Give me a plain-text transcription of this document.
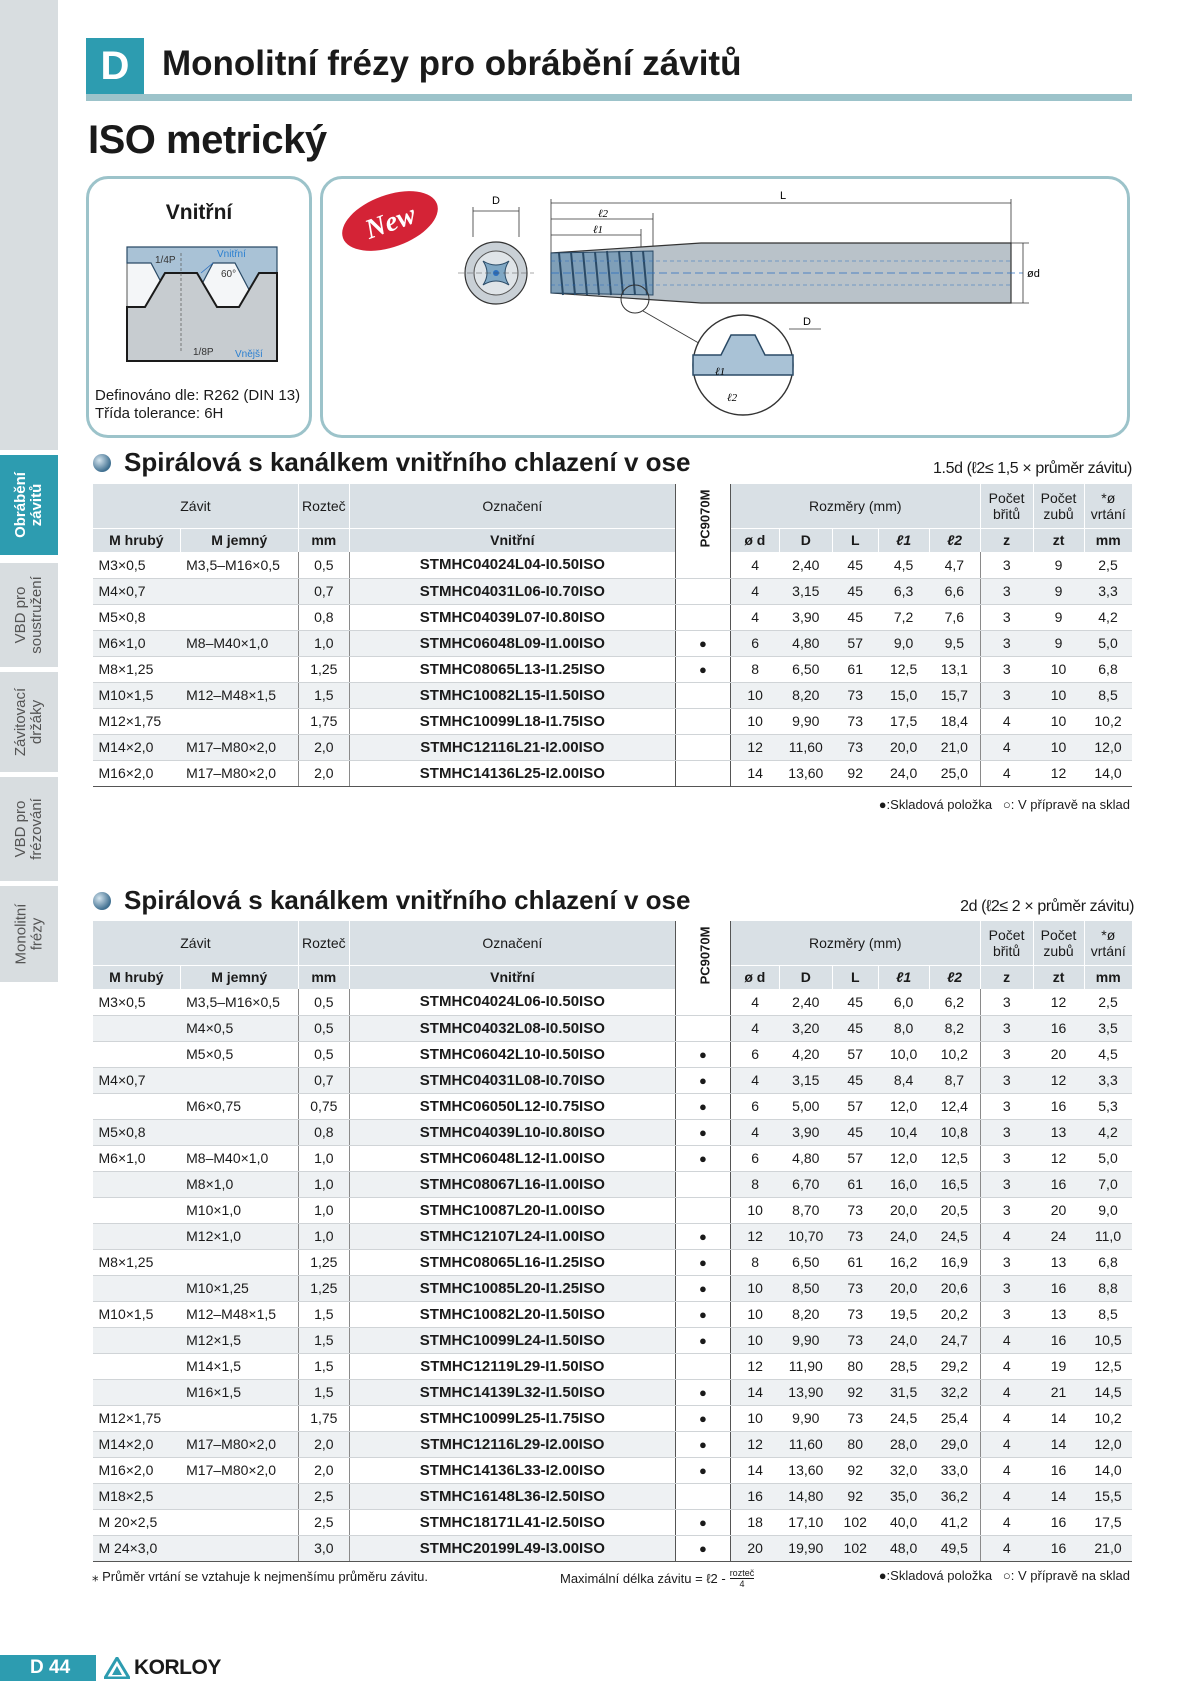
Obrábění závitů
VBD pro soustružení
Závitovací držáky
VBD pro frézování
Monolitní frézy
D Monolitní frézy pro obrábění závitů
ISO metrický
Vnitřní
1/4P
Vnitřní
60°
1/8P Vnější
Definováno dle: R262 (DIN 13)
Třída tolerance: 6H
New	D	L
ℓ2
ℓ1
ød
D
ℓ1
ℓ2
Spirálová s kanálkem vnitřního chlazení v ose	1.5d (ℓ2≤ 1,5 × průměr závitu)
Závit		Rozteč	Označení	PC9070M	Rozměry (mm)					Počet břitů	Počet zubů	*ø vrtání
M hrubý	M jemný	mm	Vnitřní		ø d	D	L	ℓ1	ℓ2	z	zt	mm
M3×0,5	M3,5–M16×0,5	0,5	STMHC04024L04-I0.50ISO		4	2,40	45	4,5	4,7	3	9	2,5
M4×0,7		0,7	STMHC04031L06-I0.70ISO		4	3,15	45	6,3	6,6	3	9	3,3
M5×0,8		0,8	STMHC04039L07-I0.80ISO		4	3,90	45	7,2	7,6	3	9	4,2
M6×1,0	M8–M40×1,0	1,0	STMHC06048L09-I1.00ISO	●	6	4,80	57	9,0	9,5	3	9	5,0
M8×1,25		1,25	STMHC08065L13-I1.25ISO	●	8	6,50	61	12,5	13,1	3	10	6,8
M10×1,5	M12–M48×1,5	1,5	STMHC10082L15-I1.50ISO		10	8,20	73	15,0	15,7	3	10	8,5
M12×1,75		1,75	STMHC10099L18-I1.75ISO		10	9,90	73	17,5	18,4	4	10	10,2
M14×2,0	M17–M80×2,0	2,0	STMHC12116L21-I2.00ISO		12	11,60	73	20,0	21,0	4	10	12,0
M16×2,0	M17–M80×2,0	2,0	STMHC14136L25-I2.00ISO		14	13,60	92	24,0	25,0	4	12	14,0
●:Skladová položka ○: V přípravě na sklad
Spirálová s kanálkem vnitřního chlazení v ose	2d (ℓ2≤ 2 × průměr závitu)
Závit		Rozteč	Označení	PC9070M	Rozměry (mm)					Počet břitů	Počet zubů	*ø vrtání
M hrubý	M jemný	mm	Vnitřní		ø d	D	L	ℓ1	ℓ2	z	zt	mm
M3×0,5	M3,5–M16×0,5	0,5	STMHC04024L06-I0.50ISO		4	2,40	45	6,0	6,2	3	12	2,5
	M4×0,5	0,5	STMHC04032L08-I0.50ISO		4	3,20	45	8,0	8,2	3	16	3,5
	M5×0,5	0,5	STMHC06042L10-I0.50ISO	●	6	4,20	57	10,0	10,2	3	20	4,5
M4×0,7		0,7	STMHC04031L08-I0.70ISO	●	4	3,15	45	8,4	8,7	3	12	3,3
	M6×0,75	0,75	STMHC06050L12-I0.75ISO	●	6	5,00	57	12,0	12,4	3	16	5,3
M5×0,8		0,8	STMHC04039L10-I0.80ISO	●	4	3,90	45	10,4	10,8	3	13	4,2
M6×1,0	M8–M40×1,0	1,0	STMHC06048L12-I1.00ISO	●	6	4,80	57	12,0	12,5	3	12	5,0
	M8×1,0	1,0	STMHC08067L16-I1.00ISO		8	6,70	61	16,0	16,5	3	16	7,0
	M10×1,0	1,0	STMHC10087L20-I1.00ISO		10	8,70	73	20,0	20,5	3	20	9,0
	M12×1,0	1,0	STMHC12107L24-I1.00ISO	●	12	10,70	73	24,0	24,5	4	24	11,0
M8×1,25		1,25	STMHC08065L16-I1.25ISO	●	8	6,50	61	16,2	16,9	3	13	6,8
	M10×1,25	1,25	STMHC10085L20-I1.25ISO	●	10	8,50	73	20,0	20,6	3	16	8,8
M10×1,5	M12–M48×1,5	1,5	STMHC10082L20-I1.50ISO	●	10	8,20	73	19,5	20,2	3	13	8,5
	M12×1,5	1,5	STMHC10099L24-I1.50ISO	●	10	9,90	73	24,0	24,7	4	16	10,5
	M14×1,5	1,5	STMHC12119L29-I1.50ISO		12	11,90	80	28,5	29,2	4	19	12,5
	M16×1,5	1,5	STMHC14139L32-I1.50ISO	●	14	13,90	92	31,5	32,2	4	21	14,5
M12×1,75		1,75	STMHC10099L25-I1.75ISO	●	10	9,90	73	24,5	25,4	4	14	10,2
M14×2,0	M17–M80×2,0	2,0	STMHC12116L29-I2.00ISO	●	12	11,60	80	28,0	29,0	4	14	12,0
M16×2,0	M17–M80×2,0	2,0	STMHC14136L33-I2.00ISO	●	14	13,60	92	32,0	33,0	4	16	14,0
M18×2,5		2,5	STMHC16148L36-I2.50ISO		16	14,80	92	35,0	36,2	4	14	15,5
M 20×2,5		2,5	STMHC18171L41-I2.50ISO	●	18	17,10	102	40,0	41,2	4	16	17,5
M 24×3,0		3,0	STMHC20199L49-I3.00ISO	●	20	19,90	102	48,0	49,5	4	16	21,0
⁎ Průměr vrtání se vztahuje k nejmenšímu průměru závitu.	Maximální délka závitu = ℓ2 - rozteč
4
●:Skladová položka ○: V přípravě na sklad
D 44	KORLOY
